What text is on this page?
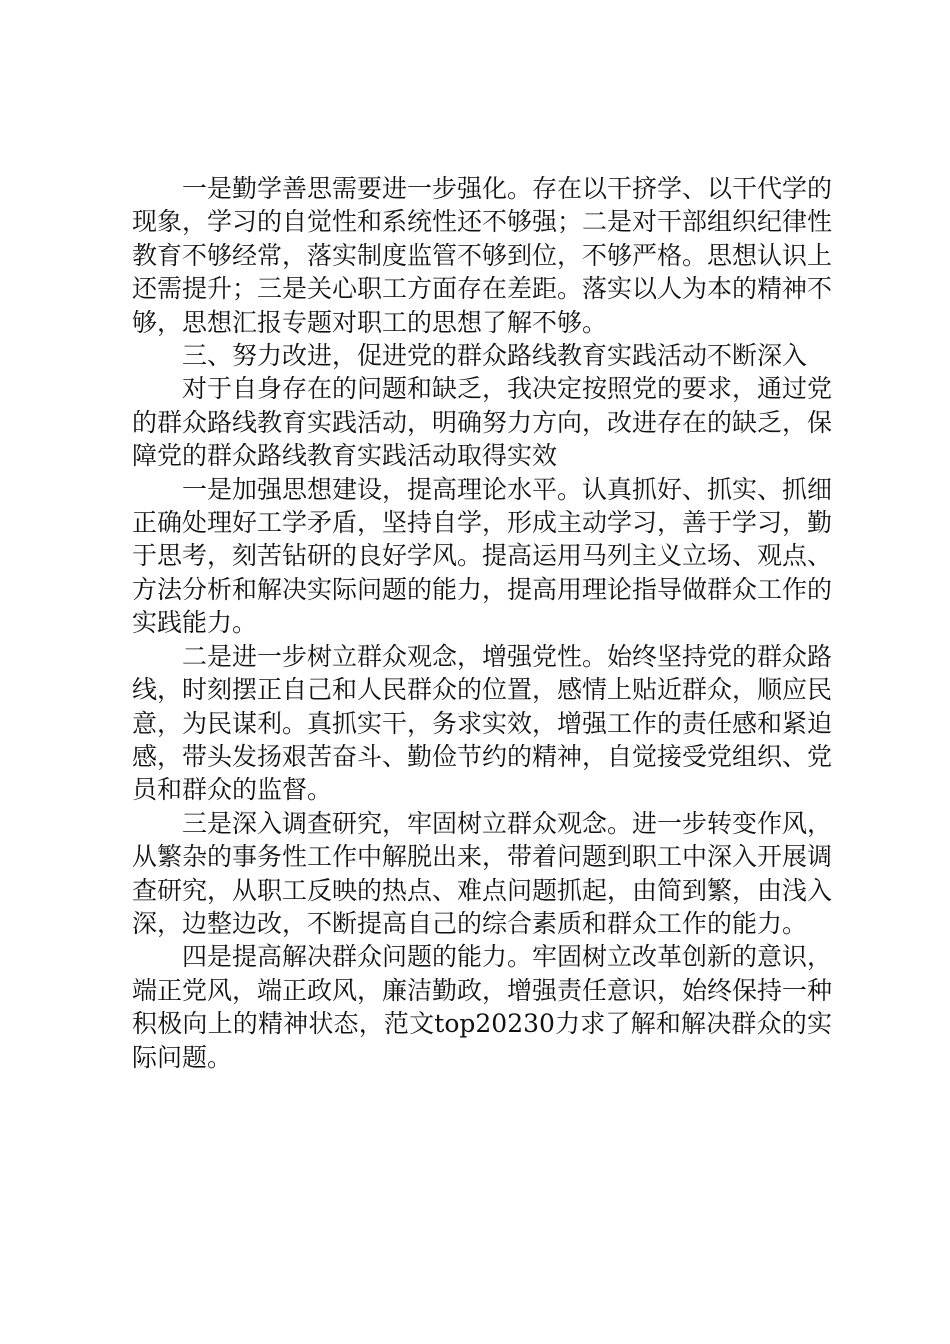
一是勤学善思需要进一步强化。存在以干挤学、以干代学的现象，学习的自觉性和系统性还不够强；二是对干部组织纪律性教育不够经常，落实制度监管不够到位，不够严格。思想认识上还需提升；三是关心职工方面存在差距。落实以人为本的精神不够，思想汇报专题对职工的思想了解不够。

三、努力改进，促进党的群众路线教育实践活动不断深入

对于自身存在的问题和缺乏，我决定按照党的要求，通过党的群众路线教育实践活动，明确努力方向，改进存在的缺乏，保障党的群众路线教育实践活动取得实效

一是加强思想建设，提高理论水平。认真抓好、抓实、抓细正确处理好工学矛盾，坚持自学，形成主动学习，善于学习，勤于思考，刻苦钻研的良好学风。提高运用马列主义立场、观点、方法分析和解决实际问题的能力，提高用理论指导做群众工作的实践能力。

二是进一步树立群众观念，增强党性。始终坚持党的群众路线，时刻摆正自己和人民群众的位置，感情上贴近群众，顺应民意，为民谋利。真抓实干，务求实效，增强工作的责任感和紧迫感，带头发扬艰苦奋斗、勤俭节约的精神，自觉接受党组织、党员和群众的监督。

三是深入调查研究，牢固树立群众观念。进一步转变作风，从繁杂的事务性工作中解脱出来，带着问题到职工中深入开展调查研究，从职工反映的热点、难点问题抓起，由简到繁，由浅入深，边整边改，不断提高自己的综合素质和群众工作的能力。

四是提高解决群众问题的能力。牢固树立改革创新的意识，端正党风，端正政风，廉洁勤政，增强责任意识，始终保持一种积极向上的精神状态，范文top20230力求了解和解决群众的实际问题。
